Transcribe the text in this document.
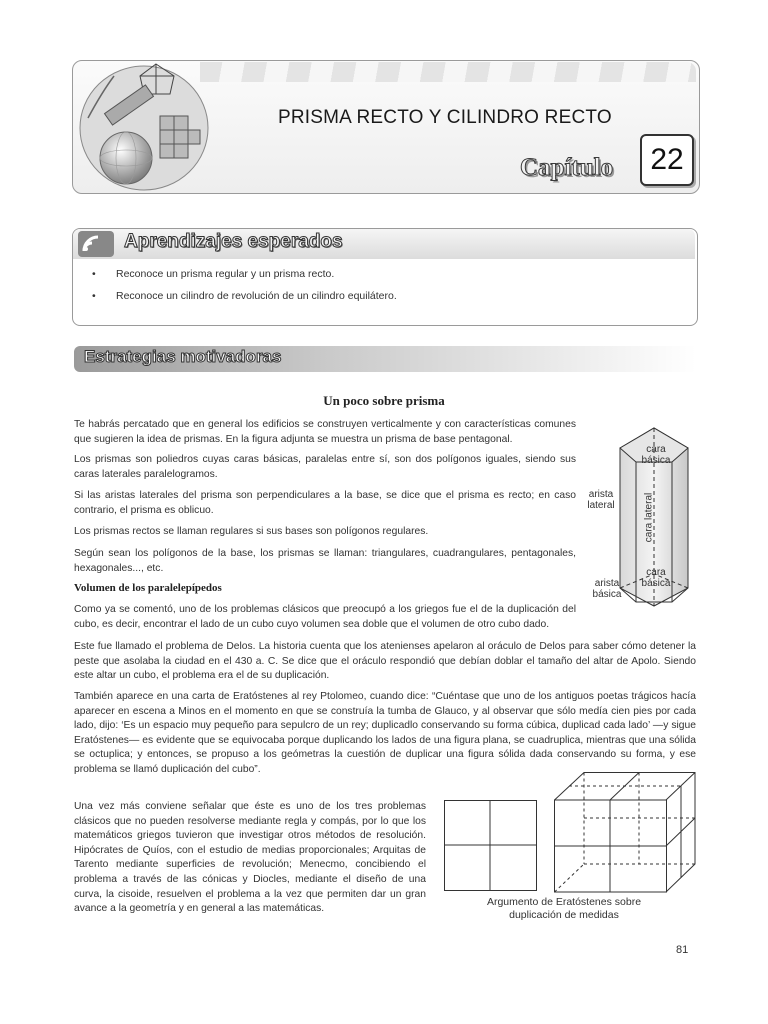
PRISMA RECTO Y CILINDRO RECTO
Capítulo	22
Aprendizajes esperados
• Reconoce un prisma regular y un prisma recto.
• Reconoce un cilindro de revolución de un cilindro equilátero.
Estrategias motivadoras
Un poco sobre prisma

Te habrás percatado que en general los edificios se construyen verticalmente y con características comunes que sugieren la idea de prismas. En la figura adjunta se muestra un prisma de base pentagonal.

Los prismas son poliedros cuyas caras básicas, paralelas entre sí, son dos polígonos iguales, siendo sus caras laterales paralelogramos.

Si las aristas laterales del prisma son perpendiculares a la base, se dice que el prisma es recto; en caso contrario, el prisma es oblicuo.

Los prismas rectos se llaman regulares si sus bases son polígonos regulares.

Según sean los polígonos de la base, los prismas se llaman: triangulares, cuadrangulares, pentagonales, hexagonales..., etc.

Volumen de los paralelepípedos

Como ya se comentó, uno de los problemas clásicos que preocupó a los griegos fue el de la duplicación del cubo, es decir, encontrar el lado de un cubo cuyo volumen sea doble que el volumen de otro cubo dado.

Este fue llamado el problema de Delos. La historia cuenta que los atenienses apelaron al oráculo de Delos para saber cómo detener la peste que asolaba la ciudad en el 430 a. C. Se dice que el oráculo respondió que debían doblar el tamaño del altar de Apolo. Siendo este altar un cubo, el problema era el de su duplicación.

También aparece en una carta de Eratóstenes al rey Ptolomeo, cuando dice: “Cuéntase que uno de los antiguos poetas trágicos hacía aparecer en escena a Minos en el momento en que se construía la tumba de Glauco, y al observar que sólo medía cien pies por cada lado, dijo: ‘Es un espacio muy pequeño para sepulcro de un rey; duplicadlo conservando su forma cúbica, duplicad cada lado’ —y sigue Eratóstenes— es evidente que se equivocaba porque duplicando los lados de una figura plana, se cuadruplica, mientras que una sólida se octuplica; y entonces, se propuso a los geómetras la cuestión de duplicar una figura sólida dada conservando su forma, y ese problema se llamó duplicación del cubo”.

Una vez más conviene señalar que éste es uno de los tres problemas clásicos que no pueden resolverse mediante regla y compás, por lo que los matemáticos griegos tuvieron que investigar otros métodos de resolución. Hipócrates de Quíos, con el estudio de medias proporcionales; Arquitas de Tarento mediante superficies de revolución; Menecmo, concibiendo el problema a través de las cónicas y Diocles, mediante el diseño de una curva, la cisoide, resuelven el problema a la vez que permiten dar un gran avance a la geometría y en general a las matemáticas.

cara básica
arista lateral	cara lateral
cara básica
arista básica
Argumento de Eratóstenes sobre duplicación de medidas
81
